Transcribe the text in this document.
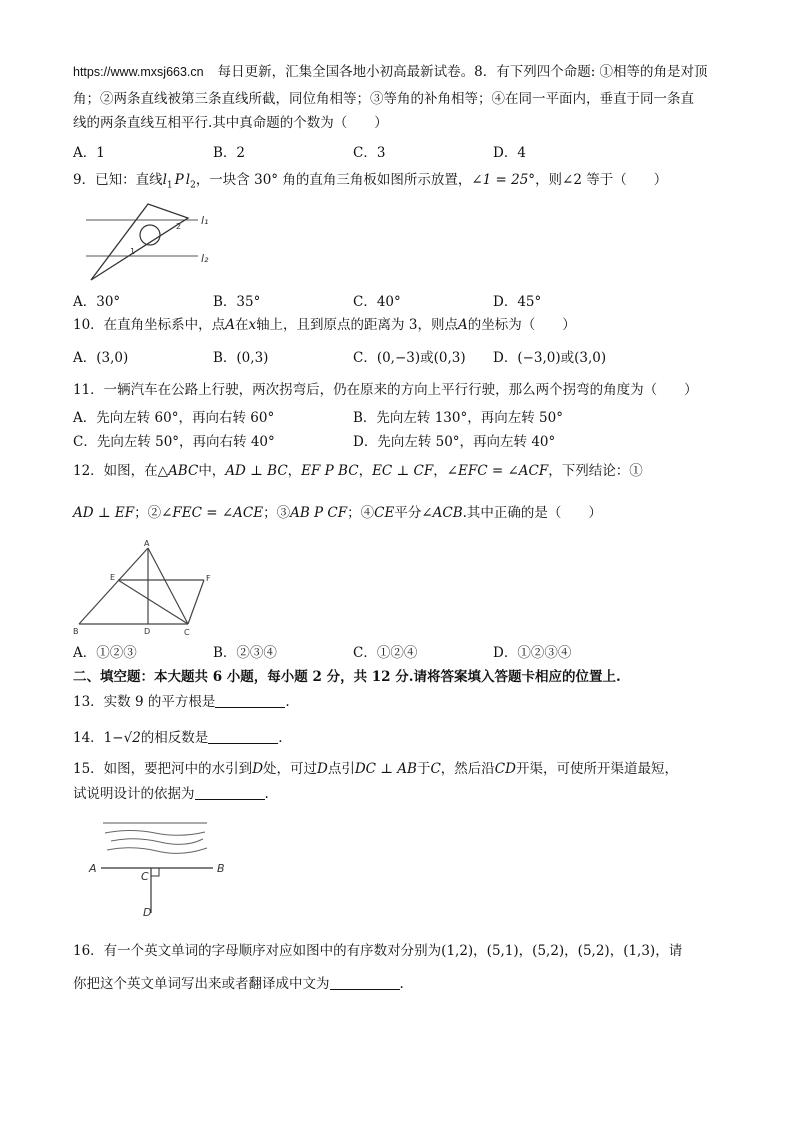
https://www.mxsj663.cn 每日更新，汇集全国各地小初高最新试卷。8．有下列四个命题: ①相等的角是对顶
角；②两条直线被第三条直线所截，同位角相等；③等角的补角相等；④在同一平面内，垂直于同一条直
线的两条直线互相平行.其中真命题的个数为（　　）
A．1	B．2	C．3	D．4
9．已知：直线$l_1$ P $l_2$，一块含 30° 角的直角三角板如图所示放置，∠1 = 25°，则∠2 等于（　　）
l₁
l₂
1
2
A．30°	B．35°	C．40°	D．45°
10．在直角坐标系中，点A在x轴上，且到原点的距离为 3，则点A的坐标为（　　）
A．(3,0)	B．(0,3)	C．(0,−3)或(0,3) D．(−3,0)或(3,0)
11．一辆汽车在公路上行驶，两次拐弯后，仍在原来的方向上平行行驶，那么两个拐弯的角度为（　　）
A．先向左转 60°，再向右转 60°	B．先向左转 130°，再向左转 50°
C．先向左转 50°，再向右转 40°	D．先向左转 50°，再向左转 40°
12．如图，在△ABC中，AD ⊥ BC，EF P BC，EC ⊥ CF，∠EFC = ∠ACF，下列结论：①
AD ⊥ EF；②∠FEC = ∠ACE；③AB P CF；④CE平分∠ACB.其中正确的是（　　）
A
B	C
D
E	F
A．①②③	B．②③④	C．①②④	D．①②③④
二、填空题：本大题共 6 小题，每小题 2 分，共 12 分.请将答案填入答题卡相应的位置上.
13．实数 9 的平方根是	.
14．1−√2的相反数是	.
15．如图，要把河中的水引到D处，可过D点引DC ⊥ AB于C，然后沿CD开渠，可使所开渠道最短，
试说明设计的依据为	.
A	B
C
D
16．有一个英文单词的字母顺序对应如图中的有序数对分别为(1,2)，(5,1)，(5,2)，(5,2)，(1,3)，请
你把这个英文单词写出来或者翻译成中文为	.
